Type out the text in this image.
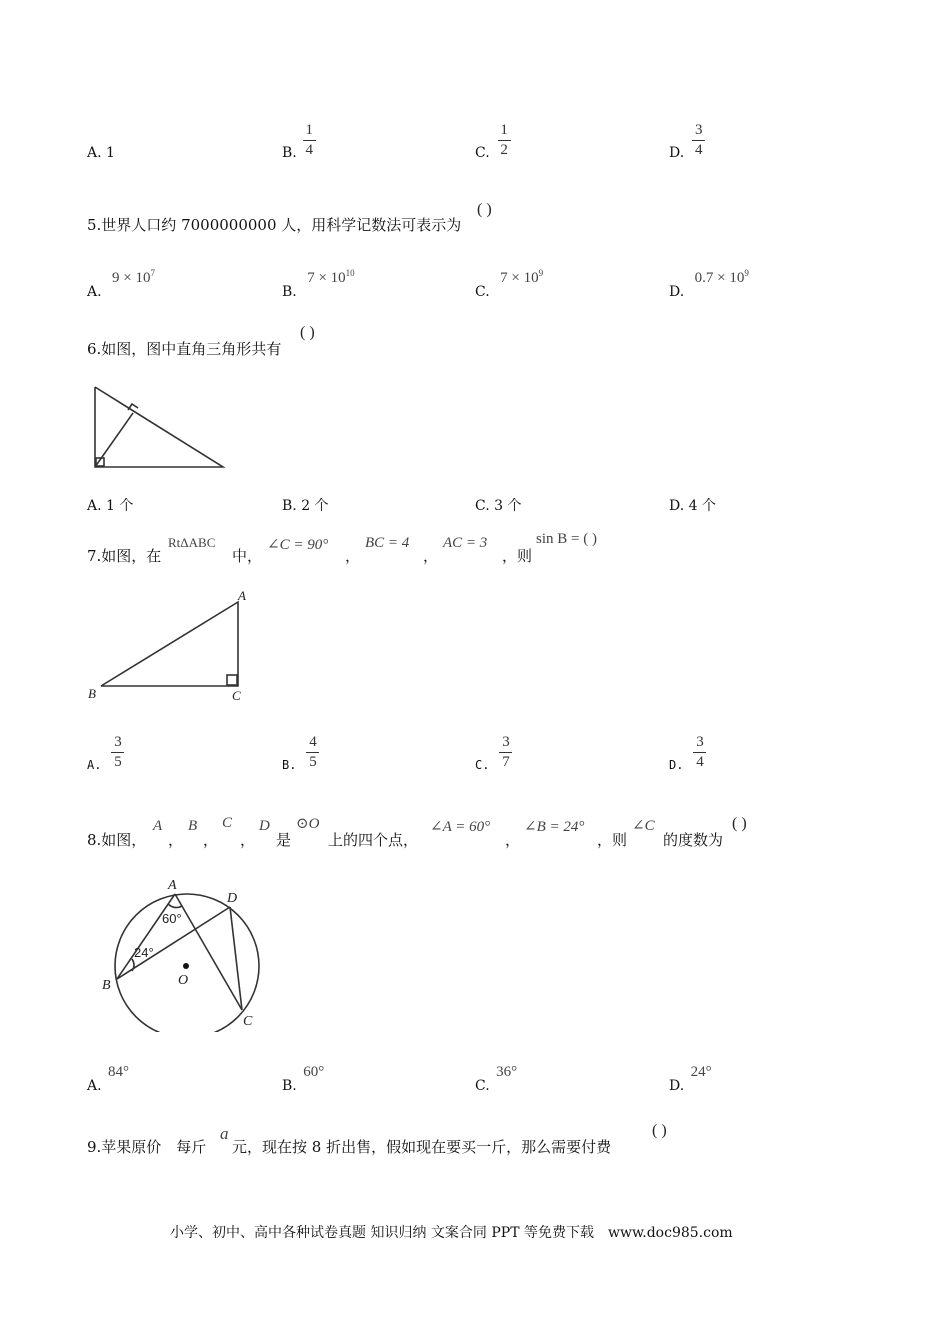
A. 1	B. $\frac{1}{4}$	C. $\frac{1}{2}$	D. $\frac{3}{4}$
5.世界人口约 7000000000 人，用科学记数法可表示为
( )
A. $9 \times 10^7$
B. $7 \times 10^{10}$
C. $7 \times 10^9$
D. $0.7 \times 10^9$
6.如图，图中直角三角形共有
( )
A. 1 个	B. 2 个	C. 3 个	D. 4 个
7.如图，在
RtΔABC
中，
∠C = 90°
，
BC = 4
，
AC = 3
，则
sin B = ( )
A
B	C
A. $\frac{3}{5}$	B. $\frac{4}{5}$	C. $\frac{3}{7}$	D. $\frac{3}{4}$
8.如图，
A
，
B
，
C
，
D
是
⊙O
上的四个点，
∠A = 60°
，
∠B = 24°
，则
∠C
的度数为
( )
A
D
B
C
O
60°
24°
A. 84°
B. 60°
C. 36°
D. 24°
9.苹果原价　每斤
a
元，现在按 8 折出售，假如现在要买一斤，那么需要付费
( )
小学、初中、高中各种试卷真题 知识归纳 文案合同 PPT 等免费下载　www.doc985.com
